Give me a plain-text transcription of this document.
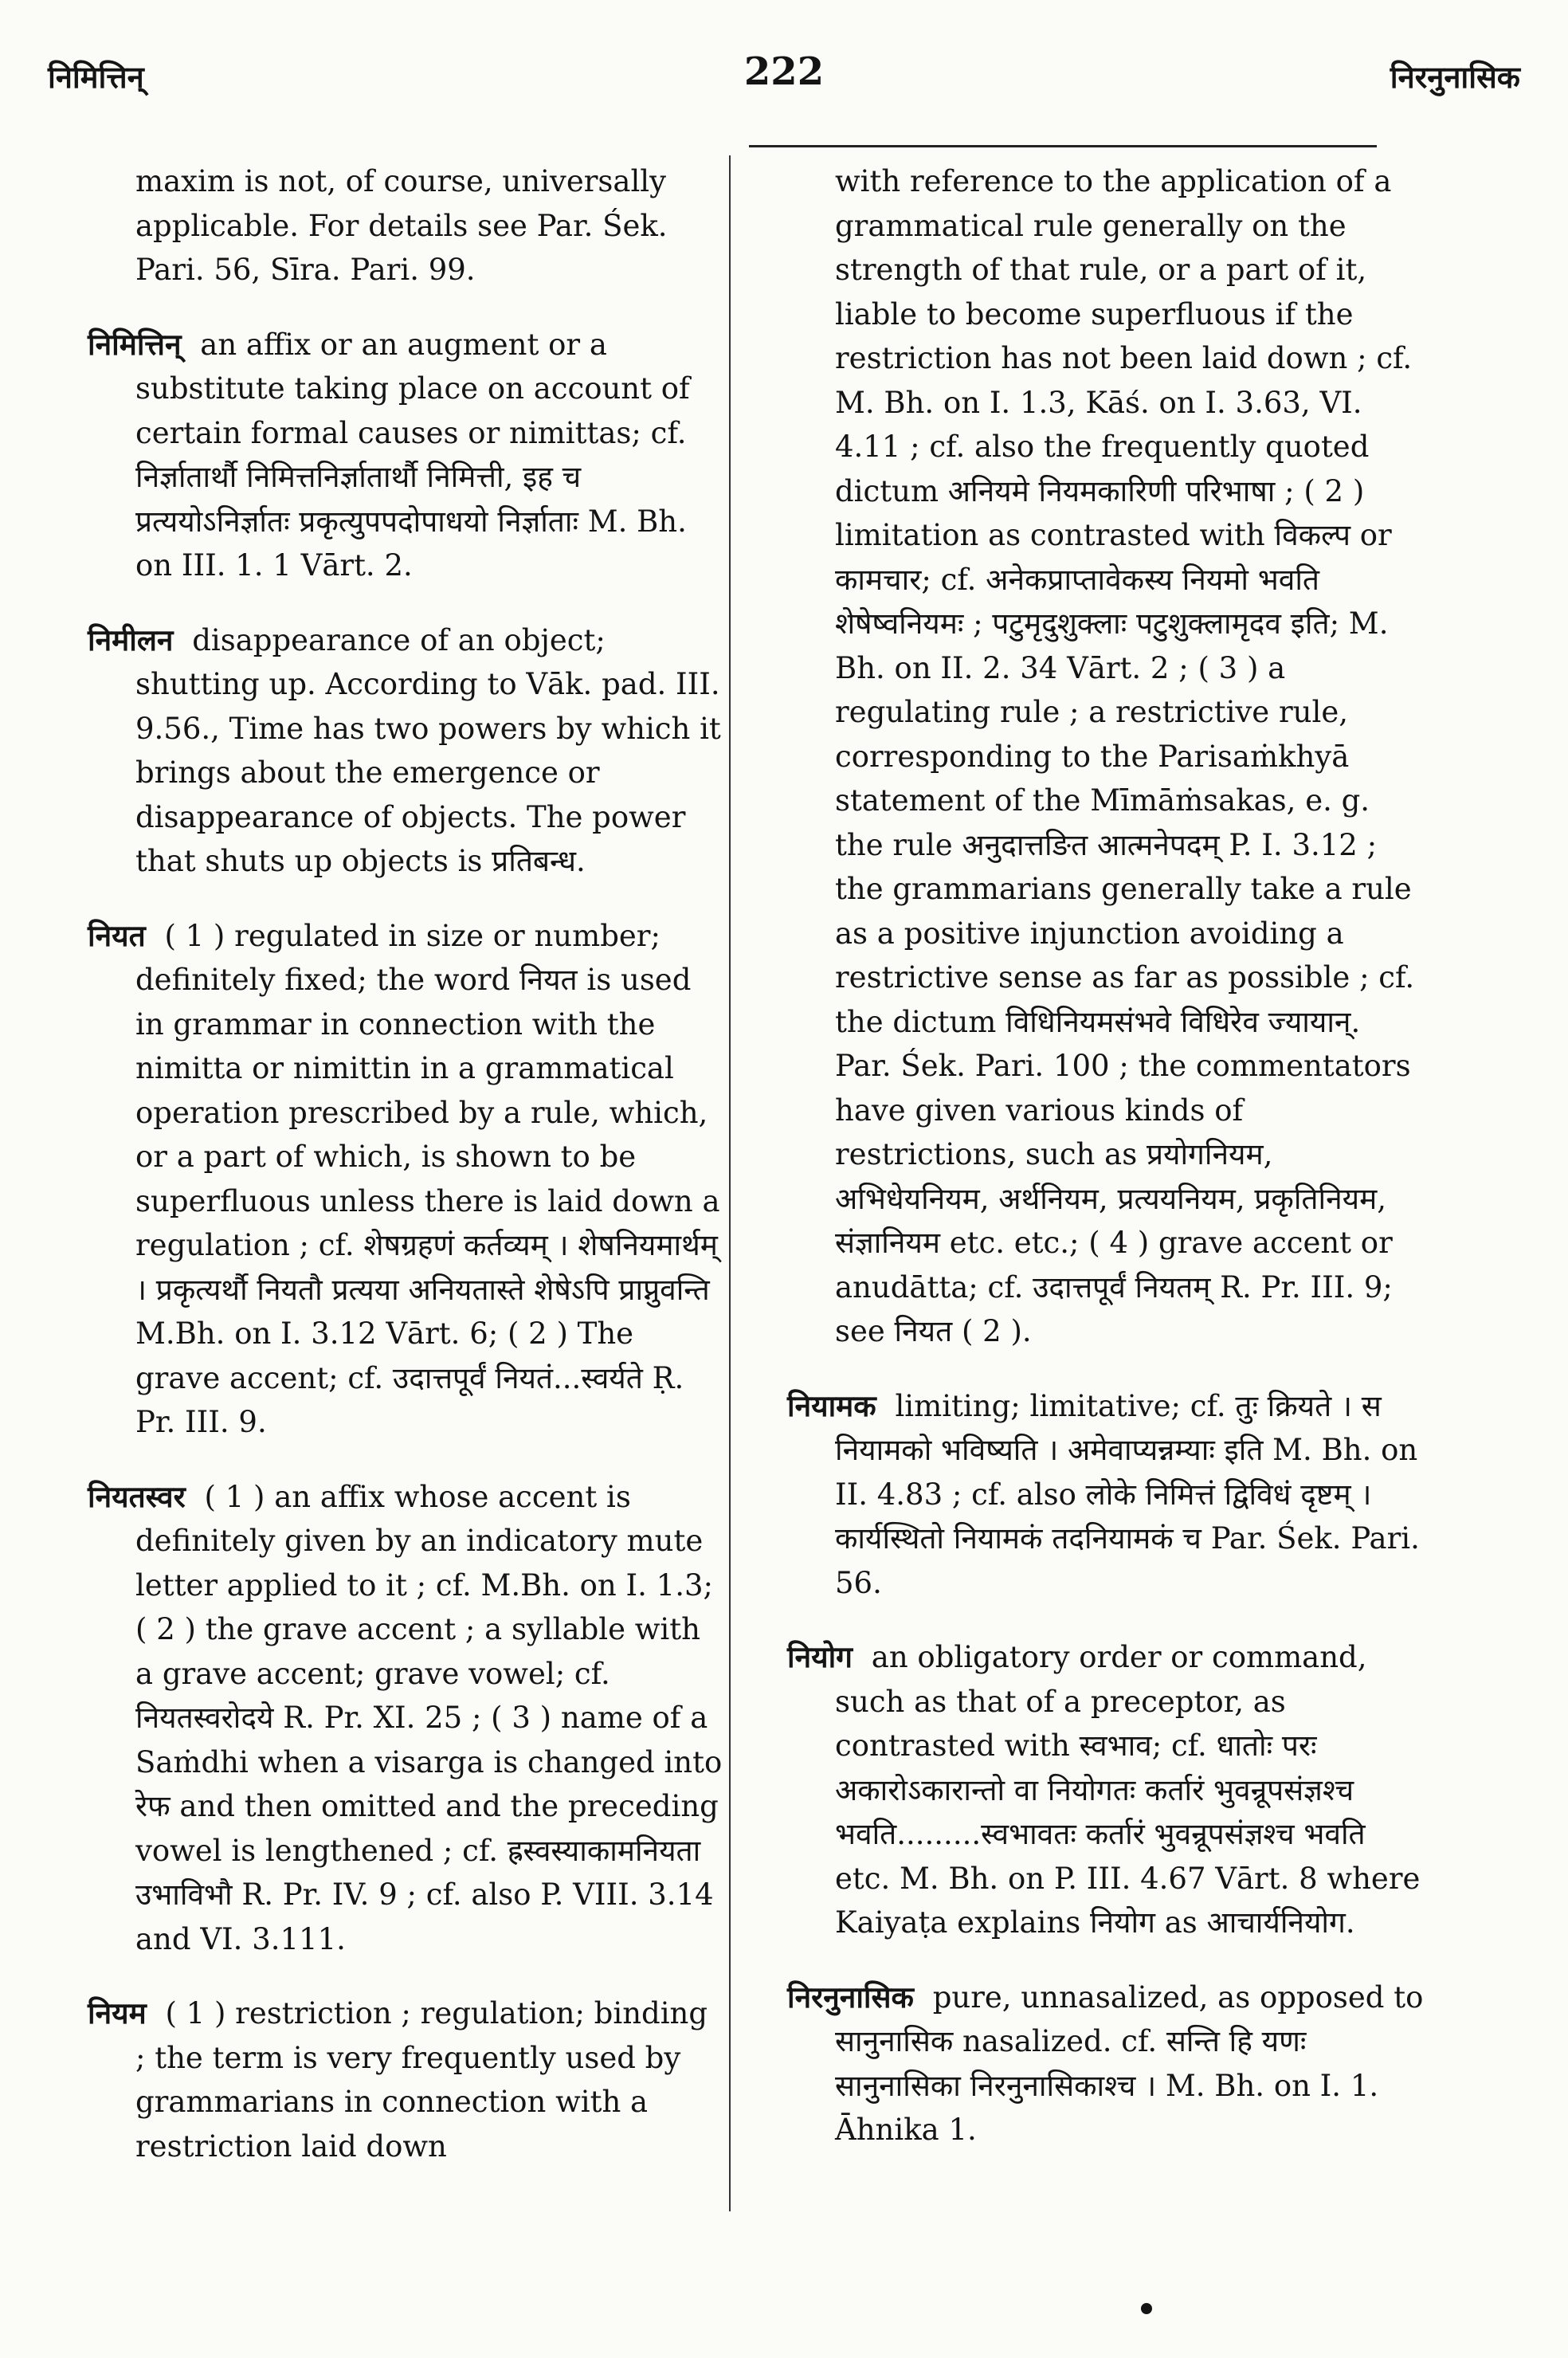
निमित्तिन्	222	निरनुनासिक

maxim is not, of course, universally applicable. For details see Par. Śek. Pari. 56, Sīra. Pari. 99.

निमित्तिन् an affix or an augment or a substitute taking place on account of certain formal causes or nimittas; cf. निर्ज्ञातार्थौ निमित्तनिर्ज्ञातार्थौ निमित्ती, इह च प्रत्ययोऽनिर्ज्ञातः प्रकृत्युपपदोपाधयो निर्ज्ञाताः M. Bh. on III. 1. 1 Vārt. 2.

निमीलन disappearance of an object; shutting up. According to Vāk. pad. III. 9.56., Time has two powers by which it brings about the emergence or disappearance of objects. The power that shuts up objects is प्रतिबन्ध.

नियत ( 1 ) regulated in size or number; definitely fixed; the word नियत is used in grammar in connection with the nimitta or nimittin in a grammatical operation prescribed by a rule, which, or a part of which, is shown to be superfluous unless there is laid down a regulation ; cf. शेषग्रहणं कर्तव्यम् । शेषनियमार्थम् । प्रकृत्यर्थौ नियतौ प्रत्यया अनियतास्ते शेषेऽपि प्राप्नुवन्ति M.Bh. on I. 3.12 Vārt. 6; ( 2 ) The grave accent; cf. उदात्तपूर्वं नियतं...स्वर्यते Ṛ. Pr. III. 9.

नियतस्वर ( 1 ) an affix whose accent is definitely given by an indicatory mute letter applied to it ; cf. M.Bh. on I. 1.3; ( 2 ) the grave accent ; a syllable with a grave accent; grave vowel; cf. नियतस्वरोदये R. Pr. XI. 25 ; ( 3 ) name of a Saṁdhi when a visarga is changed into रेफ and then omitted and the preceding vowel is lengthened ; cf. ह्रस्वस्याकामनियता उभाविभौ R. Pr. IV. 9 ; cf. also P. VIII. 3.14 and VI. 3.111.

नियम ( 1 ) restriction ; regulation; binding ; the term is very frequently used by grammarians in connection with a restriction laid down

with reference to the application of a grammatical rule generally on the strength of that rule, or a part of it, liable to become superfluous if the restriction has not been laid down ; cf. M. Bh. on I. 1.3, Kāś. on I. 3.63, VI. 4.11 ; cf. also the frequently quoted dictum अनियमे नियमकारिणी परिभाषा ; ( 2 ) limitation as contrasted with विकल्प or कामचार; cf. अनेकप्राप्तावेकस्य नियमो भवति शेषेष्वनियमः ; पटुमृदुशुक्लाः पटुशुक्लामृदव इति; M. Bh. on II. 2. 34 Vārt. 2 ; ( 3 ) a regulating rule ; a restrictive rule, corresponding to the Parisaṁkhyā statement of the Mīmāṁsakas, e. g. the rule अनुदात्तङित आत्मनेपदम् P. I. 3.12 ; the grammarians generally take a rule as a positive injunction avoiding a restrictive sense as far as possible ; cf. the dictum विधिनियमसंभवे विधिरेव ज्यायान्. Par. Śek. Pari. 100 ; the commentators have given various kinds of restrictions, such as प्रयोगनियम, अभिधेयनियम, अर्थनियम, प्रत्ययनियम, प्रकृतिनियम, संज्ञानियम etc. etc.; ( 4 ) grave accent or anudātta; cf. उदात्तपूर्वं नियतम् R. Pr. III. 9; see नियत ( 2 ).

नियामक limiting; limitative; cf. तुः क्रियते । स नियामको भविष्यति । अमेवाप्यन्नम्याः इति M. Bh. on II. 4.83 ; cf. also लोके निमित्तं द्विविधं दृष्टम् । कार्यस्थितो नियामकं तदनियामकं च Par. Śek. Pari. 56.

नियोग an obligatory order or command, such as that of a preceptor, as contrasted with स्वभाव; cf. धातोः परः अकारोऽकारान्तो वा नियोगतः कर्तारं भुवन्रूपसंज्ञश्च भवति.........स्वभावतः कर्तारं भुवन्रूपसंज्ञश्च भवति etc. M. Bh. on P. III. 4.67 Vārt. 8 where Kaiyaṭa explains नियोग as आचार्यनियोग.

निरनुनासिक pure, unnasalized, as opposed to सानुनासिक nasalized. cf. सन्ति हि यणः सानुनासिका निरनुनासिकाश्च । M. Bh. on I. 1. Āhnika 1.
